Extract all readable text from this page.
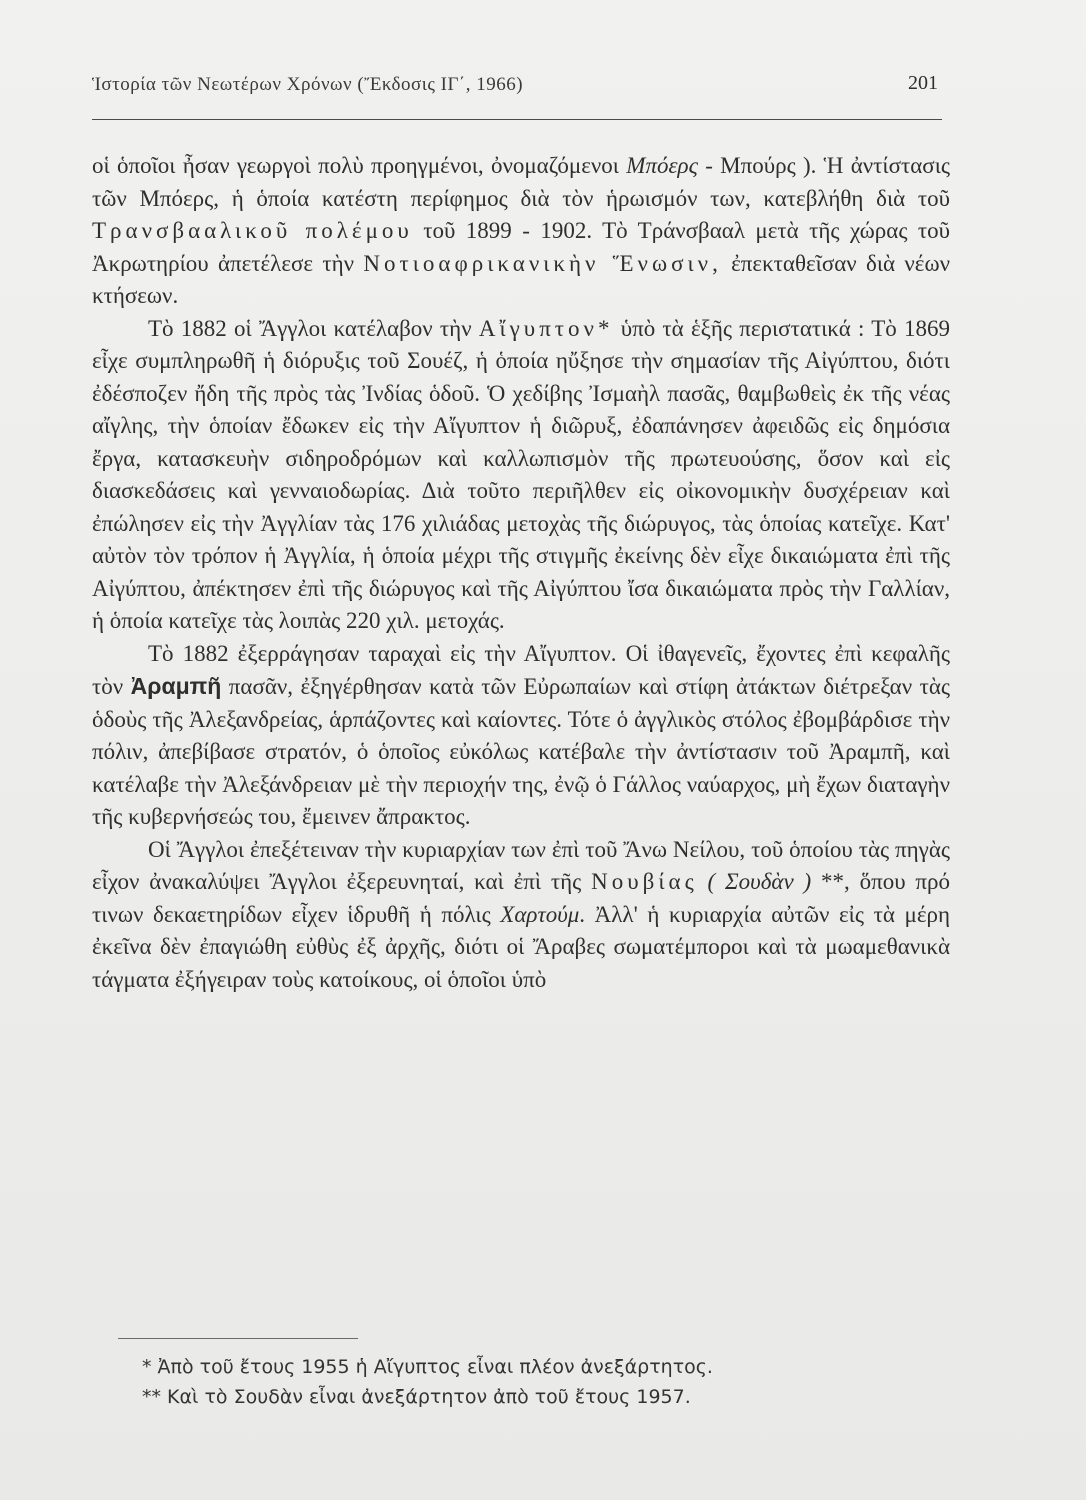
Ἱστορία τῶν Νεωτέρων Χρόνων (Ἔκδοσις ΙΓ΄, 1966)	201

οἱ ὁποῖοι ἦσαν γεωργοὶ πολὺ προηγμένοι, ὀνομαζόμενοι Μπόερς - Μπούρς ). Ἡ ἀντίστασις τῶν Μπόερς, ἡ ὁποία κατέστη περίφημος διὰ τὸν ἡρωισμόν των, κατεβλήθη διὰ τοῦ Τρανσβααλικοῦ πολέμου τοῦ 1899 - 1902. Τὸ Τράνσβααλ μετὰ τῆς χώρας τοῦ Ἀκρωτηρίου ἀπετέλεσε τὴν Νοτιοαφρικανικὴν Ἕνωσιν, ἐπεκταθεῖσαν διὰ νέων κτήσεων.

Τὸ 1882 οἱ Ἄγγλοι κατέλαβον τὴν Αἴγυπτον* ὑπὸ τὰ ἑξῆς περιστατικά : Τὸ 1869 εἶχε συμπληρωθῆ ἡ διόρυξις τοῦ Σουέζ, ἡ ὁποία ηὔξησε τὴν σημασίαν τῆς Αἰγύπτου, διότι ἐδέσποζεν ἤδη τῆς πρὸς τὰς Ἰνδίας ὁδοῦ. Ὁ χεδίβης Ἰσμαὴλ πασᾶς, θαμβωθεὶς ἐκ τῆς νέας αἴγλης, τὴν ὁποίαν ἔδωκεν εἰς τὴν Αἴγυπτον ἡ διῶρυξ, ἐδαπάνησεν ἀφειδῶς εἰς δημόσια ἔργα, κατασκευὴν σιδηροδρόμων καὶ καλλωπισμὸν τῆς πρωτευούσης, ὅσον καὶ εἰς διασκεδάσεις καὶ γενναιοδωρίας. Διὰ τοῦτο περιῆλθεν εἰς οἰκονομικὴν δυσχέρειαν καὶ ἐπώλησεν εἰς τὴν Ἀγγλίαν τὰς 176 χιλιάδας μετοχὰς τῆς διώρυγος, τὰς ὁποίας κατεῖχε. Κατ' αὐτὸν τὸν τρόπον ἡ Ἀγγλία, ἡ ὁποία μέχρι τῆς στιγμῆς ἐκείνης δὲν εἶχε δικαιώματα ἐπὶ τῆς Αἰγύπτου, ἀπέκτησεν ἐπὶ τῆς διώρυγος καὶ τῆς Αἰγύπτου ἴσα δικαιώματα πρὸς τὴν Γαλλίαν, ἡ ὁποία κατεῖχε τὰς λοιπὰς 220 χιλ. μετοχάς.

Τὸ 1882 ἐξερράγησαν ταραχαὶ εἰς τὴν Αἴγυπτον. Οἱ ἰθαγενεῖς, ἔχοντες ἐπὶ κεφαλῆς τὸν Ἀραμπῆ πασᾶν, ἐξηγέρθησαν κατὰ τῶν Εὐρωπαίων καὶ στίφη ἀτάκτων διέτρεξαν τὰς ὁδοὺς τῆς Ἀλεξανδρείας, ἁρπάζοντες καὶ καίοντες. Τότε ὁ ἀγγλικὸς στόλος ἐβομβάρδισε τὴν πόλιν, ἀπεβίβασε στρατόν, ὁ ὁποῖος εὐκόλως κατέβαλε τὴν ἀντίστασιν τοῦ Ἀραμπῆ, καὶ κατέλαβε τὴν Ἀλεξάνδρειαν μὲ τὴν περιοχήν της, ἐνῷ ὁ Γάλλος ναύαρχος, μὴ ἔχων διαταγὴν τῆς κυβερνήσεώς του, ἔμεινεν ἄπρακτος.

Οἱ Ἄγγλοι ἐπεξέτειναν τὴν κυριαρχίαν των ἐπὶ τοῦ Ἄνω Νείλου, τοῦ ὁποίου τὰς πηγὰς εἶχον ἀνακαλύψει Ἄγγλοι ἐξερευνηταί, καὶ ἐπὶ τῆς Νουβίας ( Σουδὰν ) **, ὅπου πρό τινων δεκαετηρίδων εἶχεν ἱδρυθῆ ἡ πόλις Χαρτούμ. Ἀλλ' ἡ κυριαρχία αὐτῶν εἰς τὰ μέρη ἐκεῖνα δὲν ἐπαγιώθη εὐθὺς ἐξ ἀρχῆς, διότι οἱ Ἄραβες σωματέμποροι καὶ τὰ μωαμεθανικὰ τάγματα ἐξήγειραν τοὺς κατοίκους, οἱ ὁποῖοι ὑπὸ

* Ἀπὸ τοῦ ἔτους 1955 ἡ Αἴγυπτος εἶναι πλέον ἀνεξάρτητος.
** Καὶ τὸ Σουδὰν εἶναι ἀνεξάρτητον ἀπὸ τοῦ ἔτους 1957.
